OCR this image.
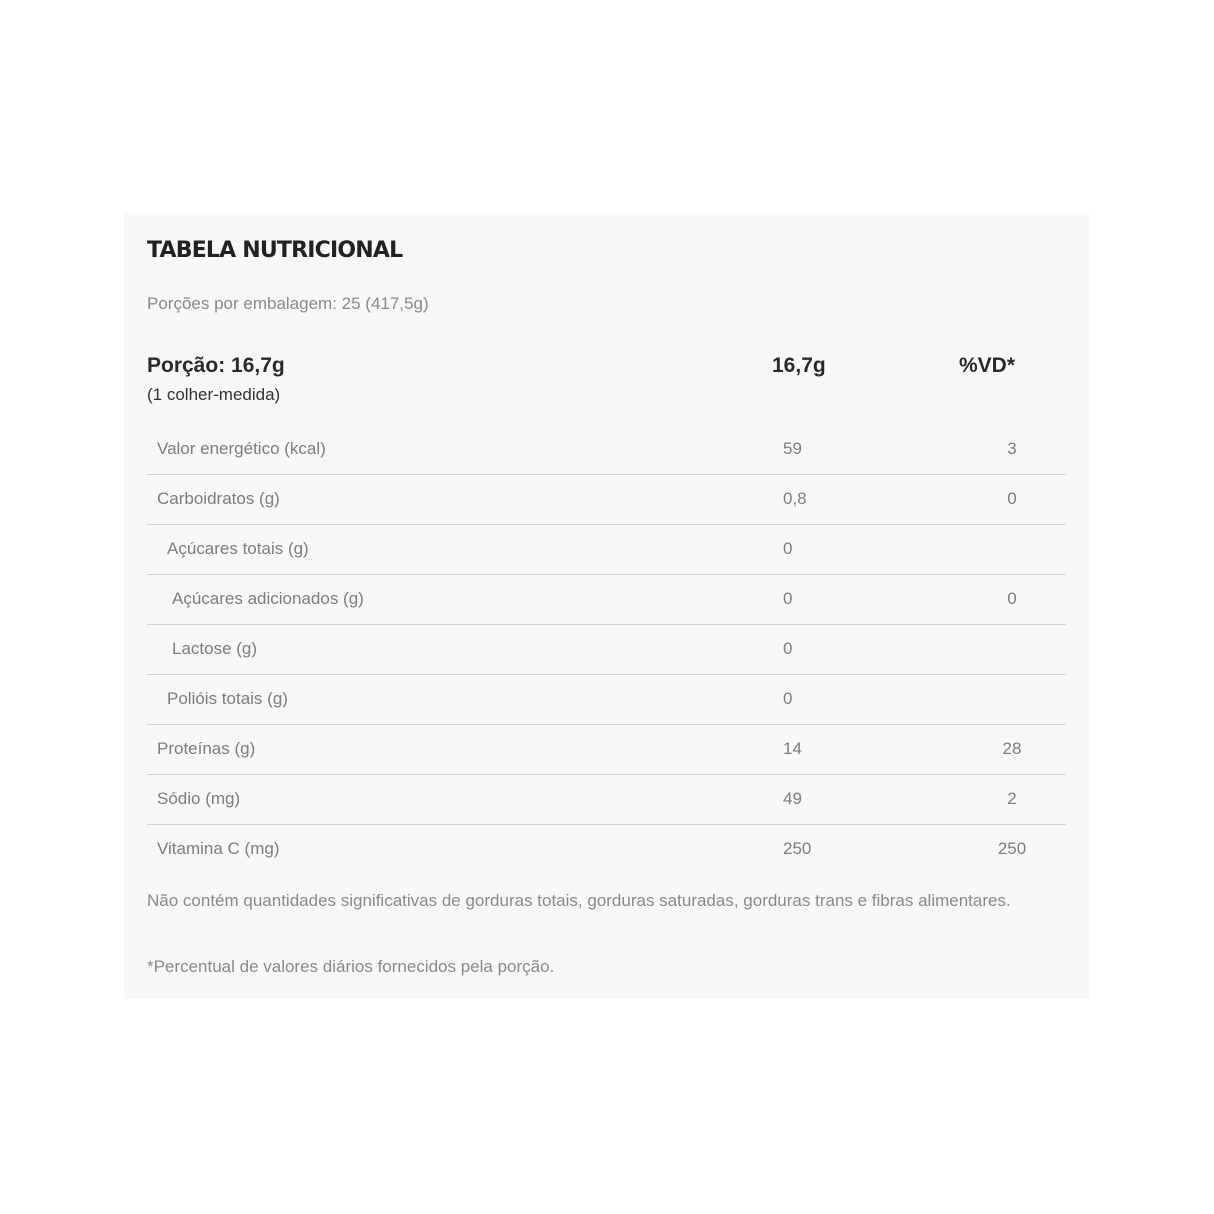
TABELA NUTRICIONAL
Porções por embalagem: 25 (417,5g)
Porção: 16,7g
(1 colher-medida)
16,7g	%VD*
Valor energético (kcal)	59	3
Carboidratos (g)	0,8	0
Açúcares totais (g)	0
Açúcares adicionados (g)	0	0
Lactose (g)	0
Polióis totais (g)	0
Proteínas (g)	14	28
Sódio (mg)	49	2
Vitamina C (mg)	250	250
Não contém quantidades significativas de gorduras totais, gorduras saturadas, gorduras trans e fibras alimentares.
*Percentual de valores diários fornecidos pela porção.
